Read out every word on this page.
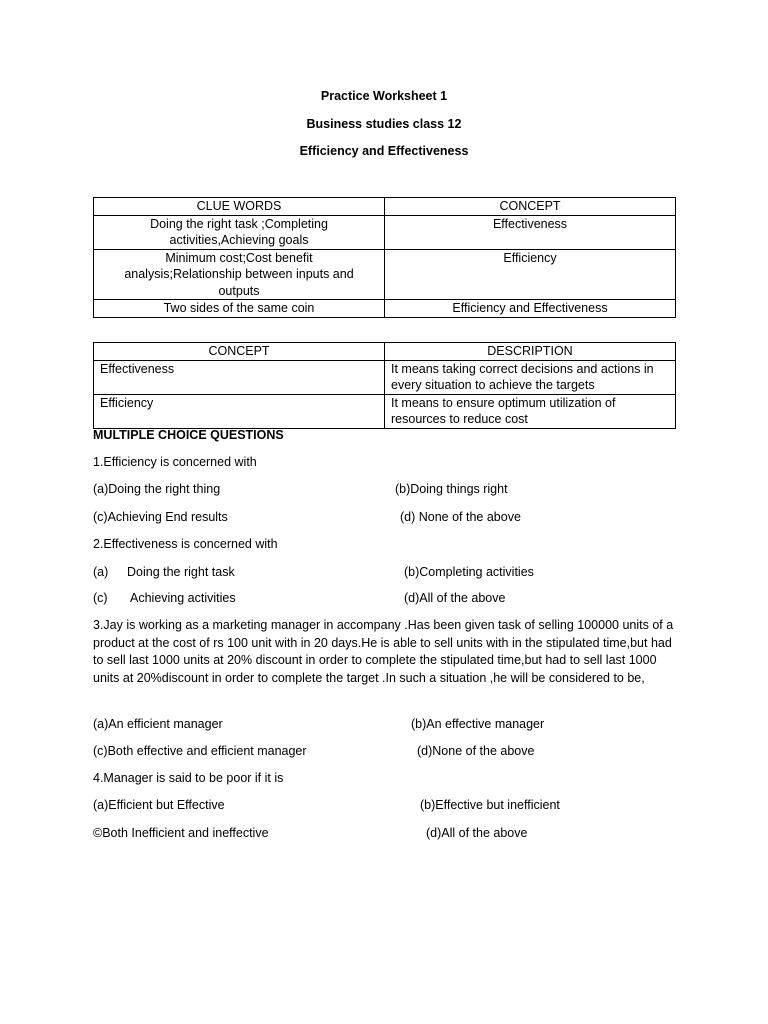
Practice Worksheet 1
Business studies class 12
Efficiency and Effectiveness
CLUE WORDS	CONCEPT
Doing the right task ;Completing activities,Achieving goals	Effectiveness
Minimum cost;Cost benefit analysis;Relationship between inputs and outputs	Efficiency
Two sides of the same coin	Efficiency and Effectiveness
CONCEPT	DESCRIPTION
Effectiveness	It means taking correct decisions and actions in every situation to achieve the targets
Efficiency	It means to ensure optimum utilization of resources to reduce cost
MULTIPLE CHOICE QUESTIONS
1.Efficiency is concerned with
(a)Doing the right thing	(b)Doing things right
(c)Achieving End results	(d) None of the above
2.Effectiveness is concerned with
(a) Doing the right task	(b)Completing activities
(c) Achieving activities	(d)All of the above
3.Jay is working as a marketing manager in accompany .Has been given task of selling 100000 units of a product at the cost of rs 100 unit with in 20 days.He is able to sell units with in the stipulated time,but had to sell last 1000 units at 20% discount in order to complete the stipulated time,but had to sell last 1000 units at 20%discount in order to complete the target .In such a situation ,he will be considered to be,
(a)An efficient manager	(b)An effective manager
(c)Both effective and efficient manager	(d)None of the above
4.Manager is said to be poor if it is
(a)Efficient but Effective	(b)Effective but inefficient
©Both Inefficient and ineffective	(d)All of the above
